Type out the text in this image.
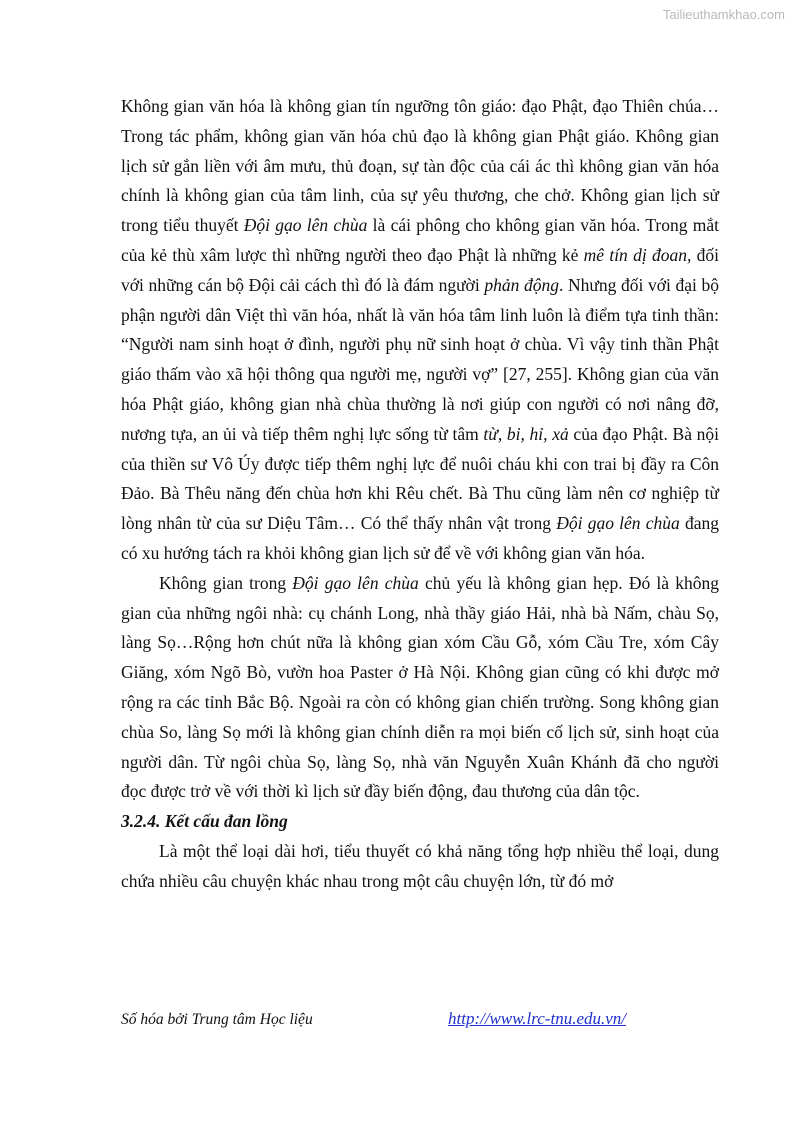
Tailieuthamkhao.com

Không gian văn hóa là không gian tín ngưỡng tôn giáo: đạo Phật, đạo Thiên chúa…Trong tác phẩm, không gian văn hóa chủ đạo là không gian Phật giáo. Không gian lịch sử gắn liền với âm mưu, thủ đoạn, sự tàn độc của cái ác thì không gian văn hóa chính là không gian của tâm linh, của sự yêu thương, che chở. Không gian lịch sử trong tiểu thuyết Đội gạo lên chùa là cái phông cho không gian văn hóa. Trong mắt của kẻ thù xâm lược thì những người theo đạo Phật là những kẻ mê tín dị đoan, đối với những cán bộ Đội cải cách thì đó là đám người phản động. Nhưng đối với đại bộ phận người dân Việt thì văn hóa, nhất là văn hóa tâm linh luôn là điểm tựa tinh thần: “Người nam sinh hoạt ở đình, người phụ nữ sinh hoạt ở chùa. Vì vậy tinh thần Phật giáo thấm vào xã hội thông qua người mẹ, người vợ” [27, 255]. Không gian của văn hóa Phật giáo, không gian nhà chùa thường là nơi giúp con người có nơi nâng đỡ, nương tựa, an ủi và tiếp thêm nghị lực sống từ tâm từ, bi, hỉ, xả của đạo Phật. Bà nội của thiền sư Vô Úy được tiếp thêm nghị lực để nuôi cháu khi con trai bị đầy ra Côn Đảo. Bà Thêu năng đến chùa hơn khi Rêu chết. Bà Thu cũng làm nên cơ nghiệp từ lòng nhân từ của sư Diệu Tâm… Có thể thấy nhân vật trong Đội gạo lên chùa đang có xu hướng tách ra khỏi không gian lịch sử để về với không gian văn hóa.

Không gian trong Đội gạo lên chùa chủ yếu là không gian hẹp. Đó là không gian của những ngôi nhà: cụ chánh Long, nhà thầy giáo Hải, nhà bà Nấm, chàu Sọ, làng Sọ…Rộng hơn chút nữa là không gian xóm Cầu Gỗ, xóm Cầu Tre, xóm Cây Giăng, xóm Ngõ Bò, vườn hoa Paster ở Hà Nội. Không gian cũng có khi được mở rộng ra các tỉnh Bắc Bộ. Ngoài ra còn có không gian chiến trường. Song không gian chùa So, làng Sọ mới là không gian chính diễn ra mọi biến cố lịch sử, sinh hoạt của người dân. Từ ngôi chùa Sọ, làng Sọ, nhà văn Nguyễn Xuân Khánh đã cho người đọc được trở về với thời kì lịch sử đầy biến động, đau thương của dân tộc.

3.2.4. Kết cấu đan lồng

Là một thể loại dài hơi, tiểu thuyết có khả năng tổng hợp nhiều thể loại, dung chứa nhiều câu chuyện khác nhau trong một câu chuyện lớn, từ đó mở

Số hóa bởi Trung tâm Học liệu	http://www.lrc-tnu.edu.vn/
